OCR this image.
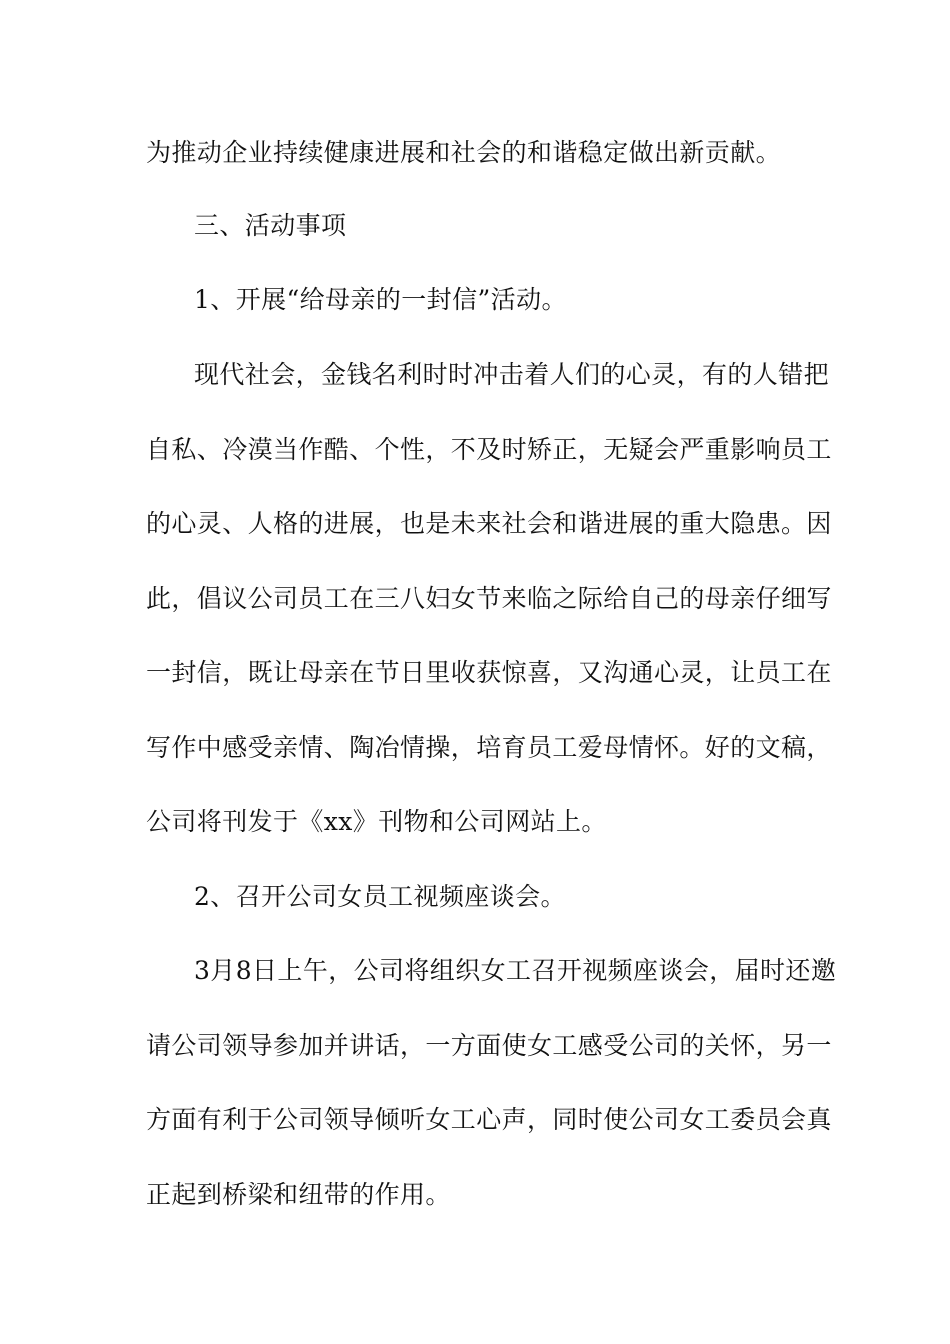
为推动企业持续健康进展和社会的和谐稳定做出新贡献。
三、活动事项
1、开展“给母亲的一封信”活动。
现代社会，金钱名利时时冲击着人们的心灵，有的人错把
自私、冷漠当作酷、个性，不及时矫正，无疑会严重影响员工
的心灵、人格的进展，也是未来社会和谐进展的重大隐患。因
此，倡议公司员工在三八妇女节来临之际给自己的母亲仔细写
一封信，既让母亲在节日里收获惊喜，又沟通心灵，让员工在
写作中感受亲情、陶冶情操，培育员工爱母情怀。好的文稿，
公司将刊发于《xx》刊物和公司网站上。
2、召开公司女员工视频座谈会。
3月8日上午，公司将组织女工召开视频座谈会，届时还邀
请公司领导参加并讲话，一方面使女工感受公司的关怀，另一
方面有利于公司领导倾听女工心声，同时使公司女工委员会真
正起到桥梁和纽带的作用。
